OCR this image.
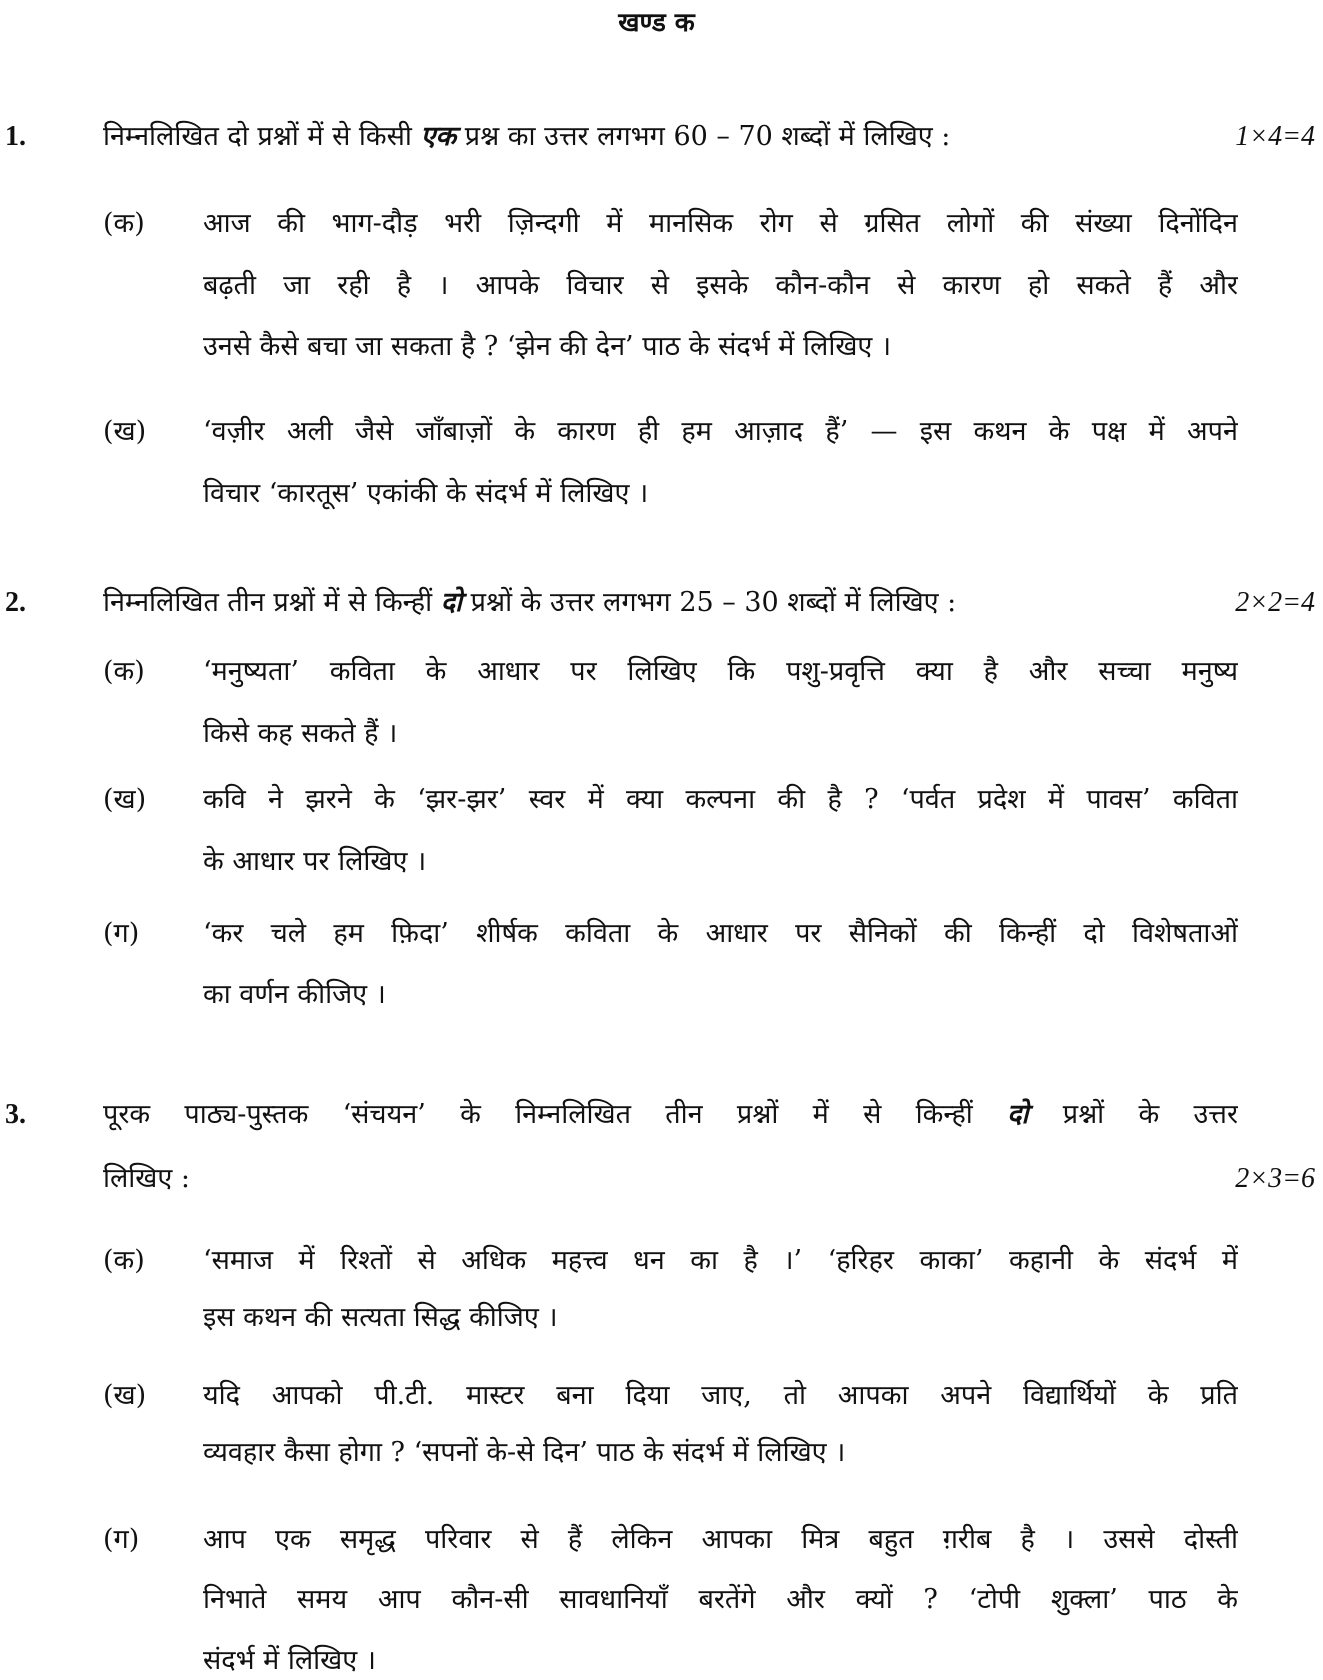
खण्ड क
1.	निम्नलिखित दो प्रश्नों में से किसी एक प्रश्न का उत्तर लगभग 60 – 70 शब्दों में लिखिए :	1×4=4
(क) आज की भाग-दौड़ भरी ज़िन्दगी में मानसिक रोग से ग्रसित लोगों की संख्या दिनोंदिन
बढ़ती जा रही है । आपके विचार से इसके कौन-कौन से कारण हो सकते हैं और
उनसे कैसे बचा जा सकता है ? ‘झेन की देन’ पाठ के संदर्भ में लिखिए ।
(ख) ‘वज़ीर अली जैसे जाँबाज़ों के कारण ही हम आज़ाद हैं’ — इस कथन के पक्ष में अपने
विचार ‘कारतूस’ एकांकी के संदर्भ में लिखिए ।
2.	निम्नलिखित तीन प्रश्नों में से किन्हीं दो प्रश्नों के उत्तर लगभग 25 – 30 शब्दों में लिखिए :	2×2=4
(क) ‘मनुष्यता’ कविता के आधार पर लिखिए कि पशु-प्रवृत्ति क्या है और सच्चा मनुष्य
किसे कह सकते हैं ।
(ख) कवि ने झरने के ‘झर-झर’ स्वर में क्या कल्पना की है ? ‘पर्वत प्रदेश में पावस’ कविता
के आधार पर लिखिए ।
(ग) ‘कर चले हम फ़िदा’ शीर्षक कविता के आधार पर सैनिकों की किन्हीं दो विशेषताओं
का वर्णन कीजिए ।
3.	पूरक पाठ्य-पुस्तक ‘संचयन’ के निम्नलिखित तीन प्रश्नों में से किन्हीं दो प्रश्नों के उत्तर
लिखिए :	2×3=6
(क) ‘समाज में रिश्तों से अधिक महत्त्व धन का है ।’ ‘हरिहर काका’ कहानी के संदर्भ में
इस कथन की सत्यता सिद्ध कीजिए ।
(ख) यदि आपको पी.टी. मास्टर बना दिया जाए, तो आपका अपने विद्यार्थियों के प्रति
व्यवहार कैसा होगा ? ‘सपनों के-से दिन’ पाठ के संदर्भ में लिखिए ।
(ग) आप एक समृद्ध परिवार से हैं लेकिन आपका मित्र बहुत ग़रीब है । उससे दोस्ती
निभाते समय आप कौन-सी सावधानियाँ बरतेंगे और क्यों ? ‘टोपी शुक्ला’ पाठ के
संदर्भ में लिखिए ।
